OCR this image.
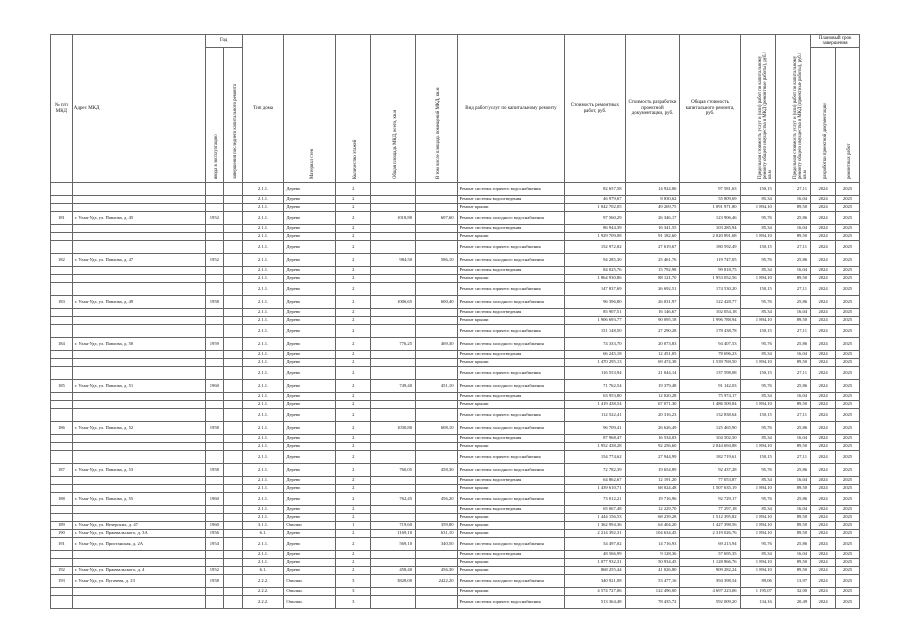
№ п/п МКД	Адрес МКД	Год		Тип дома	Материал стен	Количество этажей	Общая площадь МКД, всего, кв.м	В том числе площадь помещений МКД, кв.м	Вид работ/услуг по капитальному ремонту	Стоимость ремонтных работ, руб.	Стоимость разработки проектной документации, руб.	Общая стоимость капитального ремонта, руб.	Предельная стоимость услуг и (или) работ по капитальному ремонту общего имущества в МКД (ремонтные работы), руб./кв.м	Предельная стоимость услуг и (или) работ по капитальному ремонту общего имущества в МКД (проектные работы), руб./кв.м	Плановый срок завершения	

		ввода в эксплуатацию	завершения последнего капитального ремонта												разработки проектной документации	ремонтных работ

				2.1.1.	Дерево	2			Ремонт системы горячего водоснабжения	82 657,58	14 924,06	97 581,63	150,15	27,11	2024	2025
				2.1.1.	Дерево	2			Ремонт системы водоотведения	46 979,67	8 830,62	55 809,69	85,34	16,04	2024	2025
				2.1.1.	Дерево	2			Ремонт крыши	1 042 702,05	49 269,75	1 091 971,80	1 894,10	89,50	2024	2025
181	г. Улан-Удэ, ул. Павлова, д. 45	1952		2.1.1.	Дерево	2	1018,80	607,60	Ремонт системы холодного водоснабжения	97 560,29	26 346,17	123 906,46	95,76	25,86	2024	2025
				2.1.1.	Дерево	2			Ремонт системы водоотведения	86 944,39	16 341,55	103 285,94	85,34	16,04	2024	2025
				2.1.1.	Дерево	2			Ремонт крыши	1 929 709,08	91 182,60	2 020 891,68	1 894,10	89,50	2024	2025
				2.1.1.	Дерево	2			Ремонт системы горячего водоснабжения	152 972,82	27 619,67	180 592,49	150,15	27,11	2024	2025
182	г. Улан-Удэ, ул. Павлова, д. 47	1952		2.1.1.	Дерево	2	984,50	586,10	Ремонт системы холодного водоснабжения	94 285,30	25 461,76	119 747,05	95,76	25,86	2024	2025
				2.1.1.	Дерево	2			Ремонт системы водоотведения	84 025,76	15 792,98	99 818,75	85,34	16,04	2024	2025
				2.1.1.	Дерево	2			Ремонт крыши	1 864 930,86	88 121,70	1 953 052,56	1 894,10	89,50	2024	2025
				2.1.1.	Дерево	2			Ремонт системы горячего водоснабжения	147 837,69	26 692,51	174 530,20	150,15	27,11	2024	2025
183	г. Улан-Удэ, ул. Павлова, д. 49	1958		2.1.1.	Дерево	2	1006,65	600,40	Ремонт системы холодного водоснабжения	96 396,80	26 031,97	122 428,77	95,76	25,86	2024	2025
				2.1.1.	Дерево	2			Ремонт системы водоотведения	85 907,51	16 146,67	102 054,18	85,34	16,04	2024	2025
				2.1.1.	Дерево	2			Ремонт крыши	1 906 693,77	90 095,18	1 996 788,94	1 894,10	89,50	2024	2025
				2.1.1.	Дерево	2			Ремонт системы горячего водоснабжения	151 148,50	27 290,28	178 438,78	150,15	27,11	2024	2025
184	г. Улан-Удэ, ул. Павлова, д. 50	1959		2.1.1.	Дерево	2	776,25	469,30	Ремонт системы холодного водоснабжения	74 333,70	20 073,83	94 407,53	95,76	25,86	2024	2025
				2.1.1.	Дерево	2			Ремонт системы водоотведения	66 245,18	12 451,05	78 696,23	85,34	16,04	2024	2025
				2.1.1.	Дерево	2			Ремонт крыши	1 470 295,13	69 474,38	1 539 769,50	1 894,10	89,50	2024	2025
				2.1.1.	Дерево	2			Ремонт системы горячего водоснабжения	116 553,94	21 044,14	137 598,08	150,15	27,11	2024	2025
185	г. Улан-Удэ, ул. Павлова, д. 51	1960		2.1.1.	Дерево	2	749,40	451,10	Ремонт системы холодного водоснабжения	71 762,54	19 379,48	91 142,03	95,76	25,86	2024	2025
				2.1.1.	Дерево	2			Ремонт системы водоотведения	63 953,80	12 020,28	75 974,17	85,34	16,04	2024	2025
				2.1.1.	Дерево	2			Ремонт крыши	1 419 438,54	67 071,30	1 486 509,84	1 894,10	89,50	2024	2025
				2.1.1.	Дерево	2			Ремонт системы горячего водоснабжения	112 522,41	20 316,23	132 838,64	150,15	27,11	2024	2025
186	г. Улан-Удэ, ул. Павлова, д. 52	1958		2.1.1.	Дерево	2	1030,80	608,10	Ремонт системы холодного водоснабжения	96 709,41	26 626,49	125 465,90	95,76	25,86	2024	2025
				2.1.1.	Дерево	2			Ремонт системы водоотведения	87 968,47	16 534,03	104 502,50	85,34	16,04	2024	2025
				2.1.1.	Дерево	2			Ремонт крыши	1 952 438,28	92 256,60	2 044 694,88	1 894,10	89,50	2024	2025
				2.1.1.	Дерево	2			Ремонт системы горячего водоснабжения	154 774,62	27 944,99	182 719,61	150,15	27,11	2024	2025
187	г. Улан-Удэ, ул. Павлова, д. 53	1958		2.1.1.	Дерево	2	760,05	458,30	Ремонт системы холодного водоснабжения	72 782,39	19 654,89	92 437,28	95,76	25,86	2024	2025
				2.1.1.	Дерево	2			Ремонт системы водоотведения	64 862,67	12 191,20	77 053,87	85,34	16,04	2024	2025
				2.1.1.	Дерево	2			Ремонт крыши	1 439 610,71	68 024,48	1 507 635,19	1 894,10	89,50	2024	2025
188	г. Улан-Удэ, ул. Павлова, д. 55	1960		2.1.1.	Дерево	2	762,45	456,20	Ремонт системы холодного водоснабжения	73 012,21	19 716,96	92 729,17	95,76	25,86	2024	2025
				2.1.1.	Дерево	2			Ремонт системы водоотведения	65 067,48	12 229,70	77 297,18	85,34	16,04	2024	2025
				2.1.1.	Дерево	2			Ремонт крыши	1 444 156,53	68 239,28	1 512 395,82	1 894,10	89,50	2024	2025
189	г. Улан-Удэ, ул. Нечерских, д. 47	1960		3.1.1.	Опилки	1	719,60	359,80	Ремонт крыши	1 362 994,36	64 404,20	1 427 398,56	1 894,10	89,50	2024	2025
190	г. Улан-Удэ, ул. Пржевальского, д. 3А	1956		6.1.	Дерево	2	1169,10	631,10	Ремонт крыши	2 214 392,31	104 634,45	2 319 026,76	1 894,10	89,50	2024	2025
191	г. Улан-Удэ, ул. Пристанская, д. 2А	1954		2.1.1.	Дерево	2	569,10	340,50	Ремонт системы холодного водоснабжения	54 497,02	14 716,93	69 213,94	95,76	25,86	2024	2025
				2.1.1.	Дерево	2			Ремонт системы водоотведения	48 566,99	9 128,36	57 695,35	85,34	16,04	2024	2025
				2.1.1.	Дерево	2			Ремонт крыши	1 077 932,31	50 934,45	1 128 866,76	1 894,10	89,50	2024	2025
192	г. Улан-Удэ, ул. Пржевальского, д. 4	1952		6.1.	Дерево	2	458,40	456,30	Ремонт крыши	868 255,44	41 026,80	909 282,24	1 894,10	89,50	2024	2025
193	г. Улан-Удэ, ул. Пугачева, д. 23	1958		2.2.2.	Опилки.	3	3828,00	2422,20	Ремонт системы холодного водоснабжения	340 921,08	53 477,16	394 398,54	89,06	13,97	2024	2025
				2.2.2.	Опилки.	3			Ремонт крыши	4 574 727,06	122 496,00	4 697 223,06	1 195,07	32,00	2024	2025
				2.2.2.	Опилки.	3			Ремонт системы горячего водоснабжения	513 364,48	78 435,72	592 009,20	134,16	20,49	2024	2025
